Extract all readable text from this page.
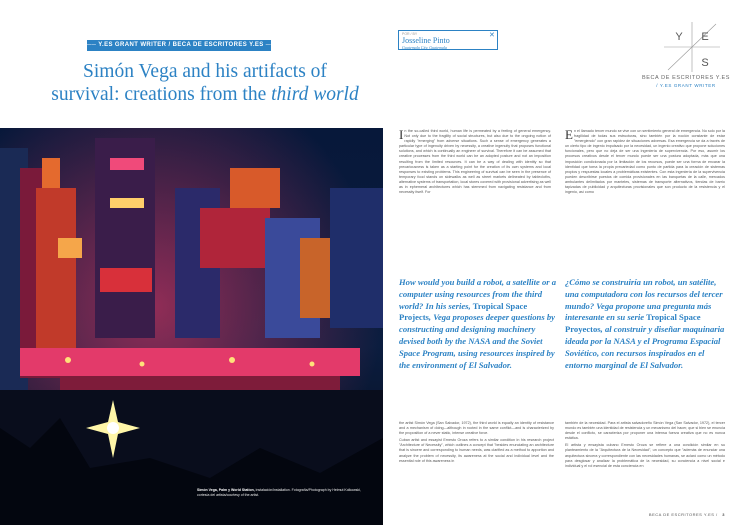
── Y.ES GRANT WRITER / BECA DE ESCRITORES Y.ES ──
Simón Vega and his artifacts of
survival: creations from the third world
POR / BY
Josseline Pinto
Guatemala City, Guatemala
✕	Y E
S
BECA DE ESCRITORES Y.ES
/ Y.ES GRANT WRITER
Simón Vega, Palm y World Station, instalación/installation. Fotografía/Photograph by Helmut Kolkowski, cortesía del artista/courtesy of the artist.

In the so-called third world, human life is permeated by a feeling of general emergency. Not only due to the fragility of social structures, but also due to the ongoing notion of rapidly "emerging" from adverse situations. Such a sense of emergency generates a particular type of ingenuity driven by necessity, a creative ingenuity that proposes functional solutions, and which is continually an engineer of survival. Therefore it can be assumed that creative processes from the third world can be an adopted posture and not an imposition resulting from the limited resources. It can be a way of dealing with identity so that precariousness is taken as a starting point for the creation of its own systems and local responses to existing problems. This engineering of survival can be seen in the presence of temporary food stands on sidewalks as well as street markets delineated by tablecloths, alternative systems of transportation, local stores covered with provisional advertising as well as in ephemeral architectures which has stemmed from navigating resistance and from necessity itself. For

En el llamado tercer mundo se vive con un sentimiento general de emergencia. No solo por la fragilidad de todas sus estructuras, sino también por la noción constante de estar "emergiendo" con gran rapidez de situaciones adversas. Esa emergencia se da a través de un cierto tipo de ingenio impulsado por la necesidad, un ingenio creativo que propone soluciones funcionales, pero que no deja de ser una ingeniería de supervivencia. Por eso, asumir los procesos creativos desde el tercer mundo puede ser una postura adoptada, más que una imposición condicionada por la limitación de los recursos, puede ser una forma de encarar la identidad que toma la propia precariedad como punto de partida para la creación de sistemas propios y respuestas locales a problemáticas existentes. Con esta ingeniería de la supervivencia pueden describirse puestos de comida provisionales en las banquetas de la calle, mercados ambulantes delimitados por manteles, sistemas de transporte alternativos, tiendas de barrio tapizadas de publicidad y arquitecturas provisionales que son producto de la resistencia y el ingenio, así como

How would you build a robot, a satellite or a computer using resources from the third world? In his series, Tropical Space Projects, Vega proposes deeper questions by constructing and designing machinery devised both by the NASA and the Soviet Space Program, using resources inspired by the environment of El Salvador.
¿Cómo se construiría un robot, un satélite, una computadora con los recursos del tercer mundo? Vega propone una pregunta más interesante en su serie Tropical Space Proyectos, al construir y diseñar maquinaria ideada por la NASA y el Programa Espacial Soviético, con recursos inspirados en el entorno marginal de El Salvador.

the artist Simón Vega (San Salvador, 1972), the third world is equally an identity of resistance and a mechanism of doing—although in rooted in the same conflict—and is characterized by the proposition of a never static, intense creative force.

Cuban artist and essayist Ernesto Oroza refers to a similar condition in his research project "Architecture of Necessity", which outlines a concept that "besides enunciating an architecture that is sincere and corresponding to human needs, was clarified as a method to apportion and analyze the problem of necessity, its awareness at the social and individual level and the essential role of this awareness in

también de la necesidad. Para el artista salvadoreño Simón Vega (San Salvador, 1972), el tercer mundo es también una identidad de resistencia y un mecanismo del hacer, que si bien se enuncia desde el conflicto, se caracteriza por proponer una intensa fuerza creativa que no es nunca estática.

El artista y ensayista cubano Ernesto Oroza se refiere a una condición similar en su planteamiento de la "Arquitectura de la Necesidad", un concepto que "además de enunciar una arquitectura sincera y correspondiente con las necesidades humanas, se aclaró como un método para desglosar y analizar la problemática de la necesidad, su conciencia a nivel social e individual y el rol esencial de esta conciencia en

BECA DE ESCRITORES Y.ES / 3
